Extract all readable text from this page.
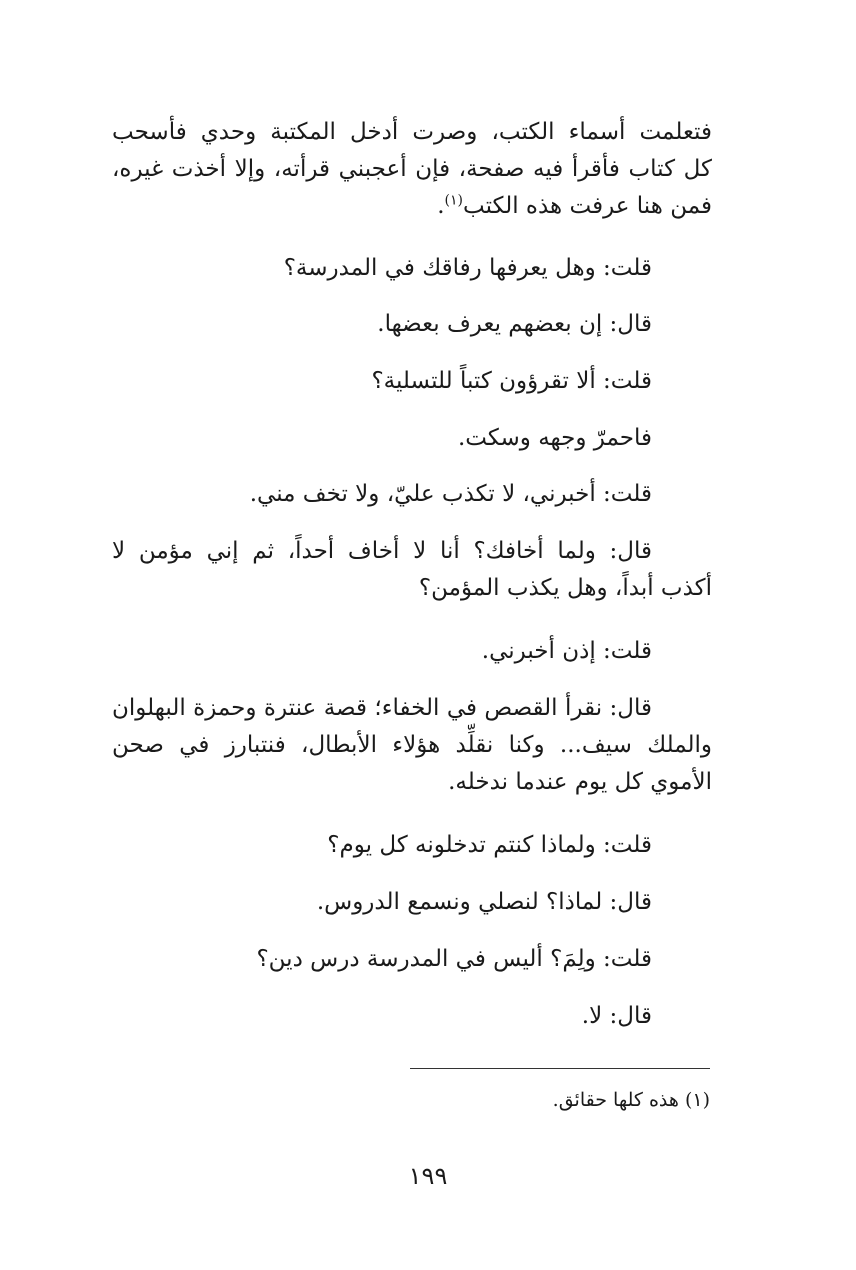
فتعلمت أسماء الكتب، وصرت أدخل المكتبة وحدي فأسحب
كل كتاب فأقرأ فيه صفحة، فإن أعجبني قرأته، وإلا أخذت غيره،
فمن هنا عرفت هذه الكتب$^{(١)}$.
قلت: وهل يعرفها رفاقك في المدرسة؟
قال: إن بعضهم يعرف بعضها.
قلت: ألا تقرؤون كتباً للتسلية؟
فاحمرّ وجهه وسكت.
قلت: أخبرني، لا تكذب عليّ، ولا تخف مني.
قال: ولما أخافك؟ أنا لا أخاف أحداً، ثم إني مؤمن لا
أكذب أبداً، وهل يكذب المؤمن؟
قلت: إذن أخبرني.
قال: نقرأ القصص في الخفاء؛ قصة عنترة وحمزة البهلوان
والملك سيف... وكنا نقلِّد هؤلاء الأبطال، فنتبارز في صحن
الأموي كل يوم عندما ندخله.
قلت: ولماذا كنتم تدخلونه كل يوم؟
قال: لماذا؟ لنصلي ونسمع الدروس.
قلت: ولِمَ؟ أليس في المدرسة درس دين؟
قال: لا.
(١) هذه كلها حقائق.
١٩٩
